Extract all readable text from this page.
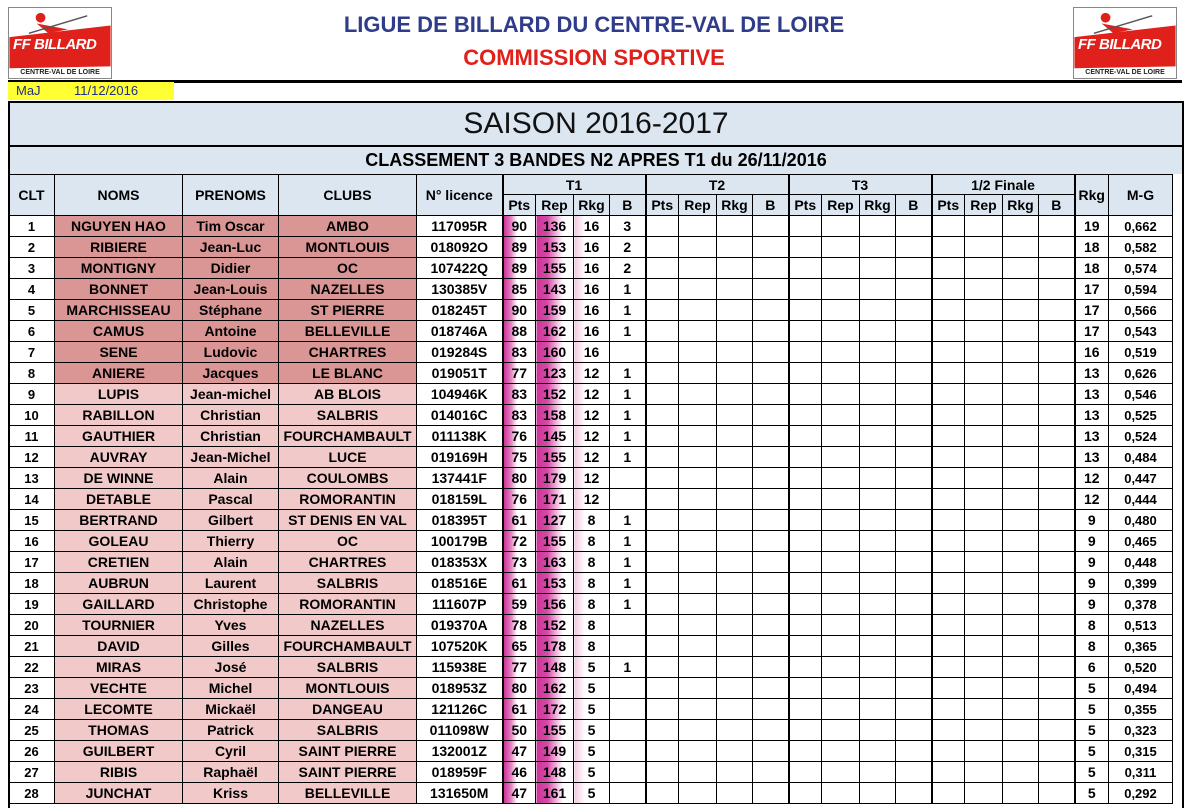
FF BILLARD
CENTRE-VAL DE LOIRE
FF BILLARD
CENTRE-VAL DE LOIRE
LIGUE DE BILLARD DU CENTRE-VAL DE LOIRE
COMMISSION SPORTIVE
MaJ	11/12/2016
SAISON 2016-2017
CLASSEMENT 3 BANDES N2 APRES T1 du 26/11/2016
CLT	NOMS	PRENOMS	CLUBS	N° licence	T1				T2				T3				1/2 Finale				Rkg	M-G
					Pts	Rep	Rkg	B	Pts	Rep	Rkg	B	Pts	Rep	Rkg	B	Pts	Rep	Rkg	B		
1	NGUYEN HAO	Tim Oscar	AMBO	117095R	90	136	16	3													19	0,662
2	RIBIERE	Jean-Luc	MONTLOUIS	018092O	89	153	16	2													18	0,582
3	MONTIGNY	Didier	OC	107422Q	89	155	16	2													18	0,574
4	BONNET	Jean-Louis	NAZELLES	130385V	85	143	16	1													17	0,594
5	MARCHISSEAU	Stéphane	ST PIERRE	018245T	90	159	16	1													17	0,566
6	CAMUS	Antoine	BELLEVILLE	018746A	88	162	16	1													17	0,543
7	SENE	Ludovic	CHARTRES	019284S	83	160	16														16	0,519
8	ANIERE	Jacques	LE BLANC	019051T	77	123	12	1													13	0,626
9	LUPIS	Jean-michel	AB BLOIS	104946K	83	152	12	1													13	0,546
10	RABILLON	Christian	SALBRIS	014016C	83	158	12	1													13	0,525
11	GAUTHIER	Christian	FOURCHAMBAULT	011138K	76	145	12	1													13	0,524
12	AUVRAY	Jean-Michel	LUCE	019169H	75	155	12	1													13	0,484
13	DE WINNE	Alain	COULOMBS	137441F	80	179	12														12	0,447
14	DETABLE	Pascal	ROMORANTIN	018159L	76	171	12														12	0,444
15	BERTRAND	Gilbert	ST DENIS EN VAL	018395T	61	127	8	1													9	0,480
16	GOLEAU	Thierry	OC	100179B	72	155	8	1													9	0,465
17	CRETIEN	Alain	CHARTRES	018353X	73	163	8	1													9	0,448
18	AUBRUN	Laurent	SALBRIS	018516E	61	153	8	1													9	0,399
19	GAILLARD	Christophe	ROMORANTIN	111607P	59	156	8	1													9	0,378
20	TOURNIER	Yves	NAZELLES	019370A	78	152	8														8	0,513
21	DAVID	Gilles	FOURCHAMBAULT	107520K	65	178	8														8	0,365
22	MIRAS	José	SALBRIS	115938E	77	148	5	1													6	0,520
23	VECHTE	Michel	MONTLOUIS	018953Z	80	162	5														5	0,494
24	LECOMTE	Mickaël	DANGEAU	121126C	61	172	5														5	0,355
25	THOMAS	Patrick	SALBRIS	011098W	50	155	5														5	0,323
26	GUILBERT	Cyril	SAINT PIERRE	132001Z	47	149	5														5	0,315
27	RIBIS	Raphaël	SAINT PIERRE	018959F	46	148	5														5	0,311
28	JUNCHAT	Kriss	BELLEVILLE	131650M	47	161	5														5	0,292
